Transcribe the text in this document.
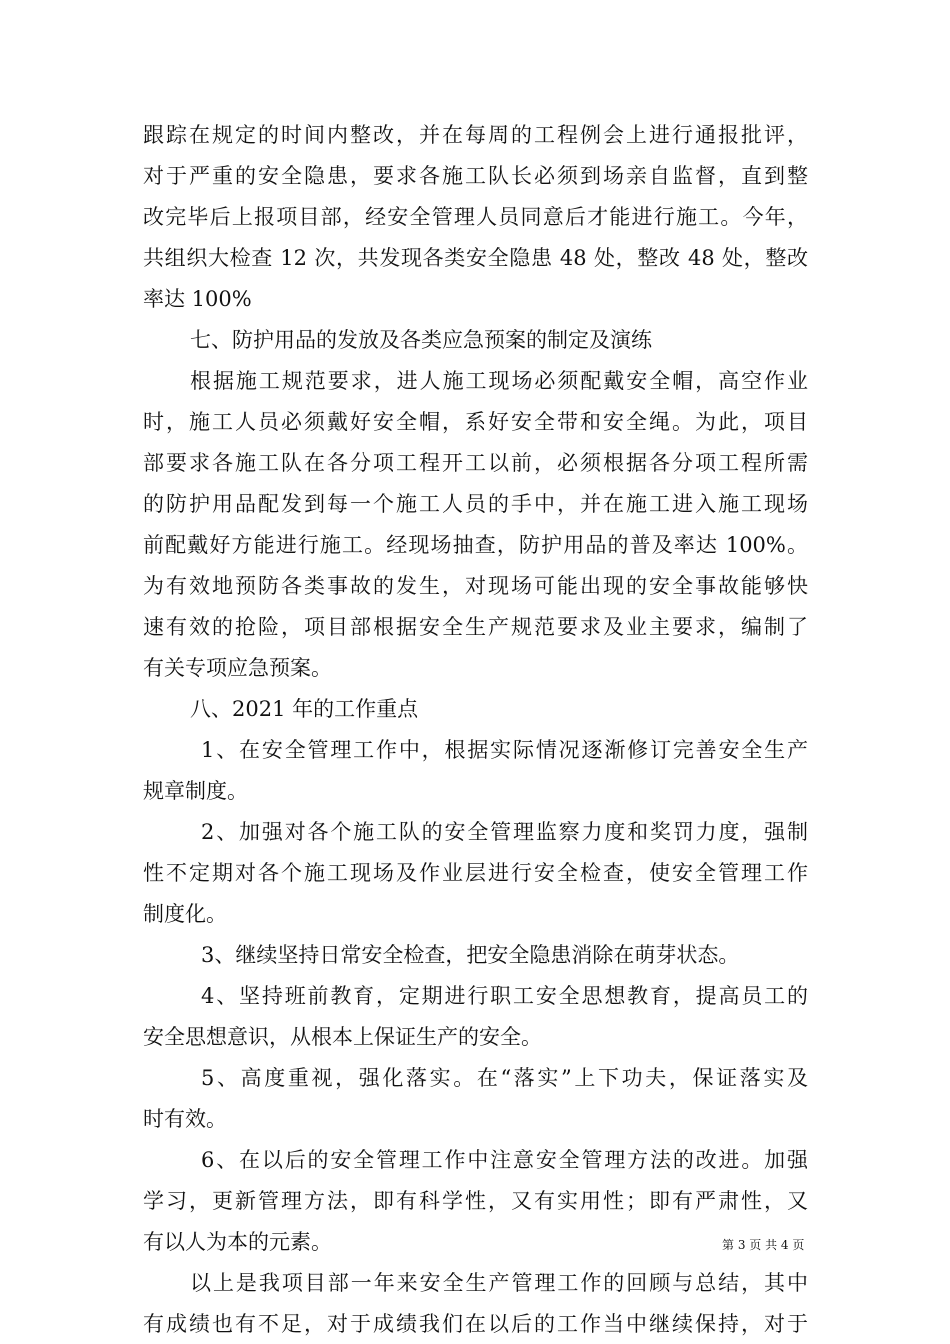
跟踪在规定的时间内整改，并在每周的工程例会上进行通报批评，
对于严重的安全隐患，要求各施工队长必须到场亲自监督，直到整
改完毕后上报项目部，经安全管理人员同意后才能进行施工。今年，
共组织大检查 12 次，共发现各类安全隐患 48 处，整改 48 处，整改
率达 100%
七、防护用品的发放及各类应急预案的制定及演练
根据施工规范要求，进人施工现场必须配戴安全帽，高空作业
时，施工人员必须戴好安全帽，系好安全带和安全绳。为此，项目
部要求各施工队在各分项工程开工以前，必须根据各分项工程所需
的防护用品配发到每一个施工人员的手中，并在施工进入施工现场
前配戴好方能进行施工。经现场抽查，防护用品的普及率达 100%。
为有效地预防各类事故的发生，对现场可能出现的安全事故能够快
速有效的抢险，项目部根据安全生产规范要求及业主要求，编制了
有关专项应急预案。
八、2021 年的工作重点
1、在安全管理工作中，根据实际情况逐渐修订完善安全生产
规章制度。
2、加强对各个施工队的安全管理监察力度和奖罚力度，强制
性不定期对各个施工现场及作业层进行安全检查，使安全管理工作
制度化。
3、继续坚持日常安全检查，把安全隐患消除在萌芽状态。
4、坚持班前教育，定期进行职工安全思想教育，提高员工的
安全思想意识，从根本上保证生产的安全。
5、高度重视，强化落实。在“落实”上下功夫，保证落实及
时有效。
6、在以后的安全管理工作中注意安全管理方法的改进。加强
学习，更新管理方法，即有科学性，又有实用性；即有严肃性，又
有以人为本的元素。
以上是我项目部一年来安全生产管理工作的回顾与总结，其中
有成绩也有不足，对于成绩我们在以后的工作当中继续保持，对于
第 3 页 共 4 页
